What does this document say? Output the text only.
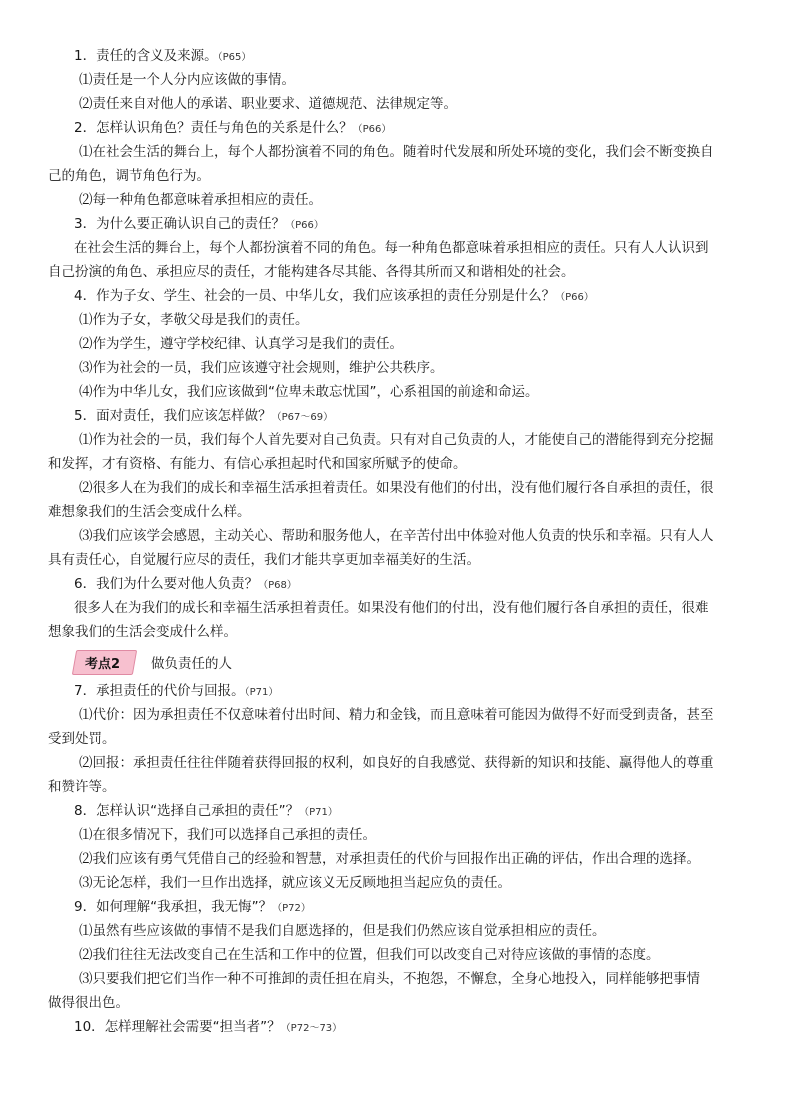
1．责任的含义及来源。（P65）
⑴责任是一个人分内应该做的事情。
⑵责任来自对他人的承诺、职业要求、道德规范、法律规定等。
2．怎样认识角色？责任与角色的关系是什么？（P66）
⑴在社会生活的舞台上，每个人都扮演着不同的角色。随着时代发展和所处环境的变化，我们会不断变换自
己的角色，调节角色行为。
⑵每一种角色都意味着承担相应的责任。
3．为什么要正确认识自己的责任？（P66）
在社会生活的舞台上，每个人都扮演着不同的角色。每一种角色都意味着承担相应的责任。只有人人认识到
自己扮演的角色、承担应尽的责任，才能构建各尽其能、各得其所而又和谐相处的社会。
4．作为子女、学生、社会的一员、中华儿女，我们应该承担的责任分别是什么？（P66）
⑴作为子女，孝敬父母是我们的责任。
⑵作为学生，遵守学校纪律、认真学习是我们的责任。
⑶作为社会的一员，我们应该遵守社会规则，维护公共秩序。
⑷作为中华儿女，我们应该做到“位卑未敢忘忧国”，心系祖国的前途和命运。
5．面对责任，我们应该怎样做？（P67～69）
⑴作为社会的一员，我们每个人首先要对自己负责。只有对自己负责的人，才能使自己的潜能得到充分挖掘
和发挥，才有资格、有能力、有信心承担起时代和国家所赋予的使命。
⑵很多人在为我们的成长和幸福生活承担着责任。如果没有他们的付出，没有他们履行各自承担的责任，很
难想象我们的生活会变成什么样。
⑶我们应该学会感恩，主动关心、帮助和服务他人，在辛苦付出中体验对他人负责的快乐和幸福。只有人人
具有责任心，自觉履行应尽的责任，我们才能共享更加幸福美好的生活。
6．我们为什么要对他人负责？（P68）
很多人在为我们的成长和幸福生活承担着责任。如果没有他们的付出，没有他们履行各自承担的责任，很难
想象我们的生活会变成什么样。
考点2	做负责任的人
7．承担责任的代价与回报。（P71）
⑴代价：因为承担责任不仅意味着付出时间、精力和金钱，而且意味着可能因为做得不好而受到责备，甚至
受到处罚。
⑵回报：承担责任往往伴随着获得回报的权利，如良好的自我感觉、获得新的知识和技能、赢得他人的尊重
和赞许等。
8．怎样认识“选择自己承担的责任”？（P71）
⑴在很多情况下，我们可以选择自己承担的责任。
⑵我们应该有勇气凭借自己的经验和智慧，对承担责任的代价与回报作出正确的评估，作出合理的选择。
⑶无论怎样，我们一旦作出选择，就应该义无反顾地担当起应负的责任。
9．如何理解“我承担，我无悔”？（P72）
⑴虽然有些应该做的事情不是我们自愿选择的，但是我们仍然应该自觉承担相应的责任。
⑵我们往往无法改变自己在生活和工作中的位置，但我们可以改变自己对待应该做的事情的态度。
⑶只要我们把它们当作一种不可推卸的责任担在肩头，不抱怨，不懈怠，全身心地投入，同样能够把事情
做得很出色。
10．怎样理解社会需要“担当者”？（P72～73）
